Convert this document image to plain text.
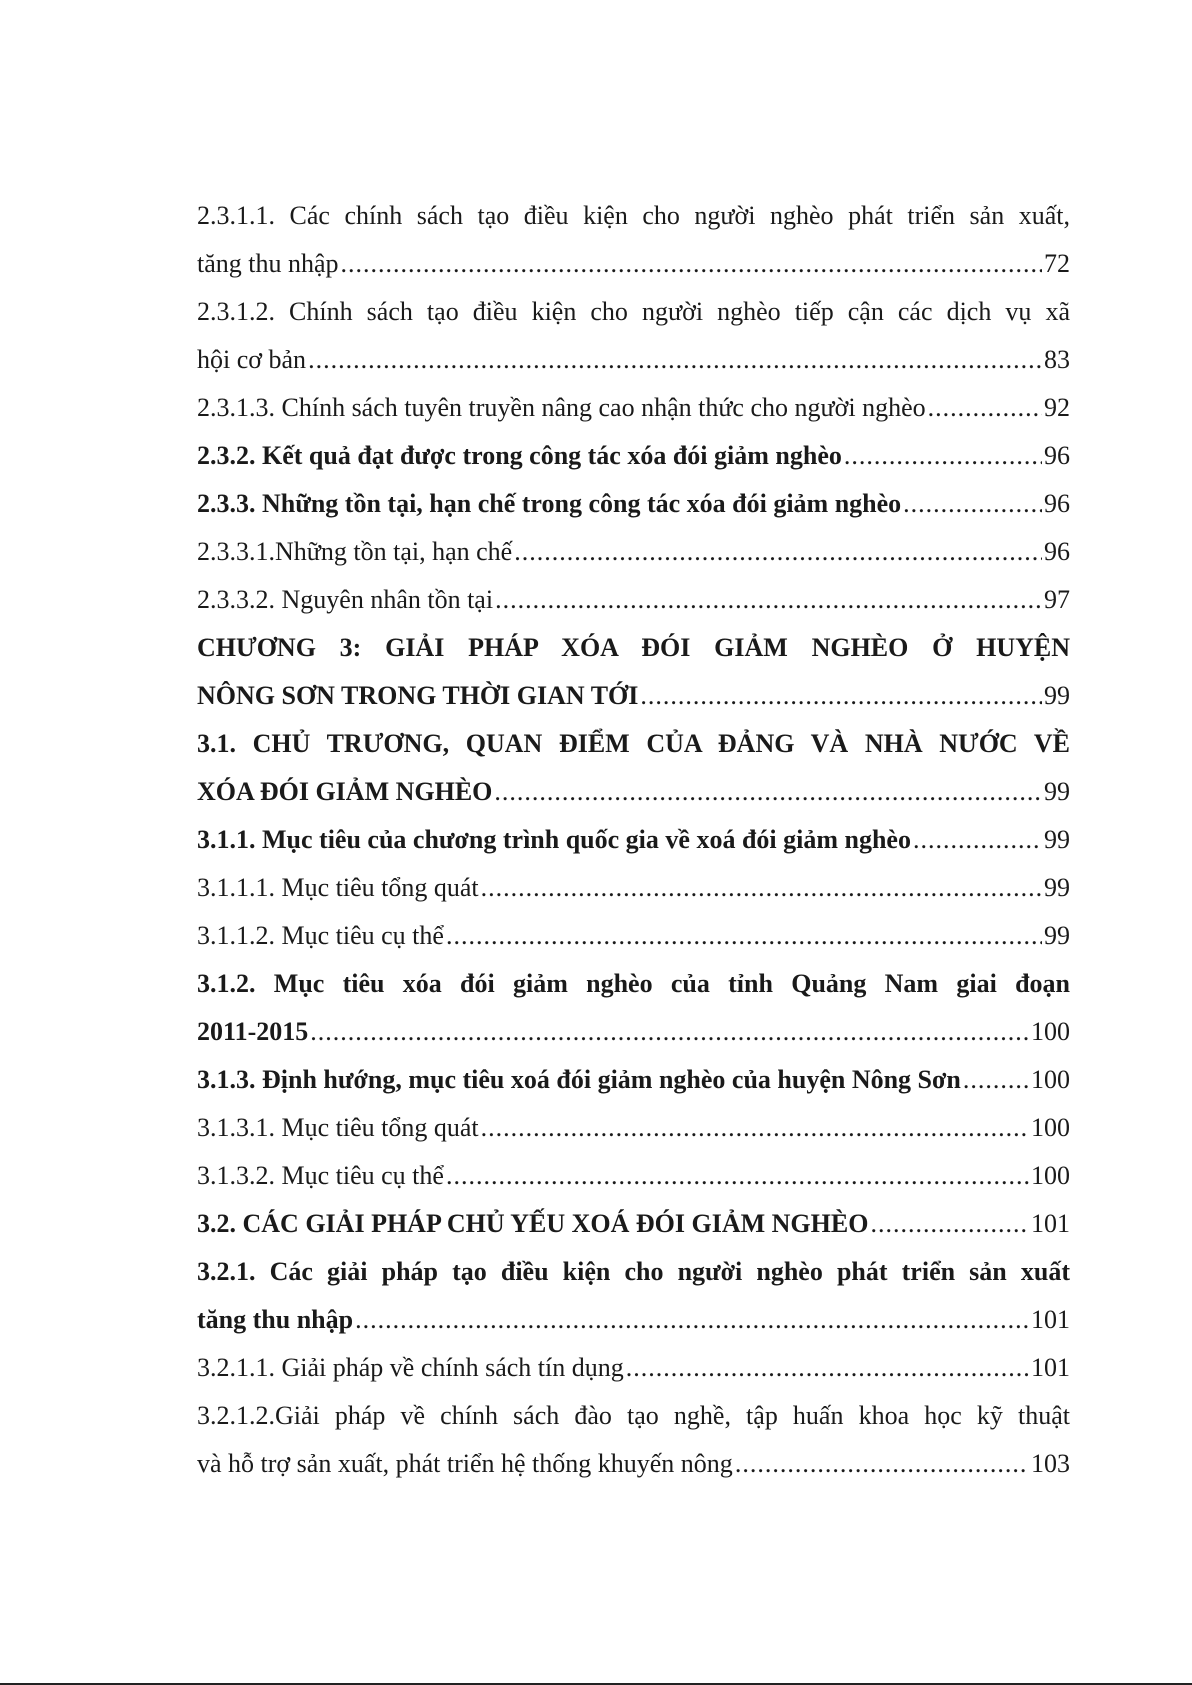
2.3.1.1. Các chính sách tạo điều kiện cho người nghèo phát triển sản xuất,
tăng thu nhập .....	72
2.3.1.2. Chính sách tạo điều kiện cho người nghèo tiếp cận các dịch vụ xã
hội cơ bản .....	83
2.3.1.3. Chính sách tuyên truyền nâng cao nhận thức cho người nghèo .....	92
2.3.2. Kết quả đạt được trong công tác xóa đói giảm nghèo .....	96
2.3.3. Những tồn tại, hạn chế trong công tác xóa đói giảm nghèo .....	96
2.3.3.1.Những tồn tại, hạn chế .....	96
2.3.3.2. Nguyên nhân tồn tại .....	97
CHƯƠNG 3: GIẢI PHÁP XÓA ĐÓI GIẢM NGHÈO Ở HUYỆN
NÔNG SƠN TRONG THỜI GIAN TỚI .....	99
3.1. CHỦ TRƯƠNG, QUAN ĐIỂM CỦA ĐẢNG VÀ NHÀ NƯỚC VỀ
XÓA ĐÓI GIẢM NGHÈO .....	99
3.1.1. Mục tiêu của chương trình quốc gia về xoá đói giảm nghèo .....	99
3.1.1.1. Mục tiêu tổng quát .....	99
3.1.1.2. Mục tiêu cụ thể .....	99
3.1.2. Mục tiêu xóa đói giảm nghèo của tỉnh Quảng Nam giai đoạn
2011-2015 .....	100
3.1.3. Định hướng, mục tiêu xoá đói giảm nghèo của huyện Nông Sơn .....	100
3.1.3.1. Mục tiêu tổng quát .....	100
3.1.3.2. Mục tiêu cụ thể .....	100
3.2. CÁC GIẢI PHÁP CHỦ YẾU XOÁ ĐÓI GIẢM NGHÈO .....	101
3.2.1. Các giải pháp tạo điều kiện cho người nghèo phát triển sản xuất
tăng thu nhập .....	101
3.2.1.1. Giải pháp về chính sách tín dụng .....	101
3.2.1.2.Giải pháp về chính sách đào tạo nghề, tập huấn khoa học kỹ thuật
và hỗ trợ sản xuất, phát triển hệ thống khuyến nông .....	103
